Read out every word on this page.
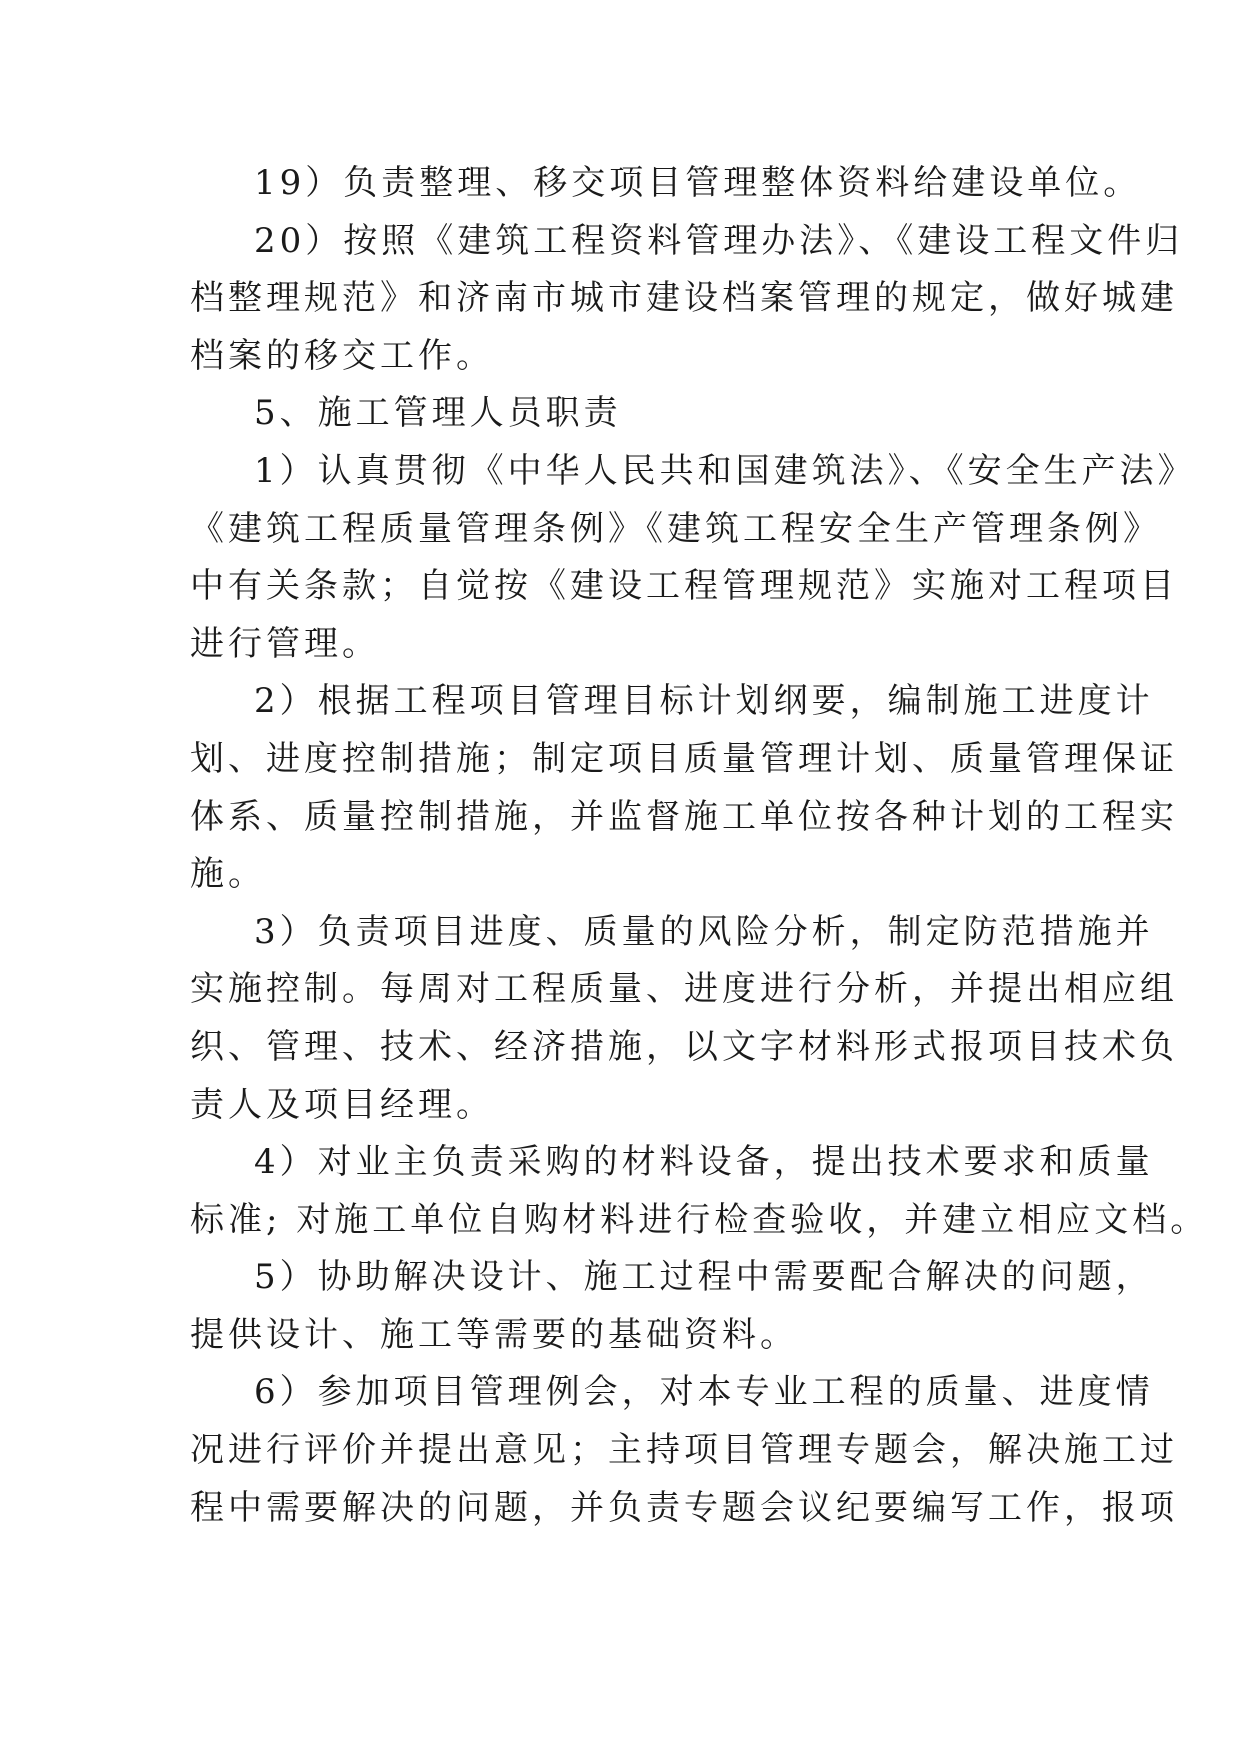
19）负责整理、移交项目管理整体资料给建设单位。
20）按照《建筑工程资料管理办法》、《建设工程文件归
档整理规范》和济南市城市建设档案管理的规定，做好城建
档案的移交工作。
5、施工管理人员职责
1）认真贯彻《中华人民共和国建筑法》、《安全生产法》
《建筑工程质量管理条例》《建筑工程安全生产管理条例》
中有关条款；自觉按《建设工程管理规范》实施对工程项目
进行管理。
2）根据工程项目管理目标计划纲要，编制施工进度计
划、进度控制措施；制定项目质量管理计划、质量管理保证
体系、质量控制措施，并监督施工单位按各种计划的工程实
施。
3）负责项目进度、质量的风险分析，制定防范措施并
实施控制。每周对工程质量、进度进行分析，并提出相应组
织、管理、技术、经济措施，以文字材料形式报项目技术负
责人及项目经理。
4）对业主负责采购的材料设备，提出技术要求和质量
标准; 对施工单位自购材料进行检查验收，并建立相应文档。
5）协助解决设计、施工过程中需要配合解决的问题，
提供设计、施工等需要的基础资料。
6）参加项目管理例会，对本专业工程的质量、进度情
况进行评价并提出意见；主持项目管理专题会，解决施工过
程中需要解决的问题，并负责专题会议纪要编写工作，报项
